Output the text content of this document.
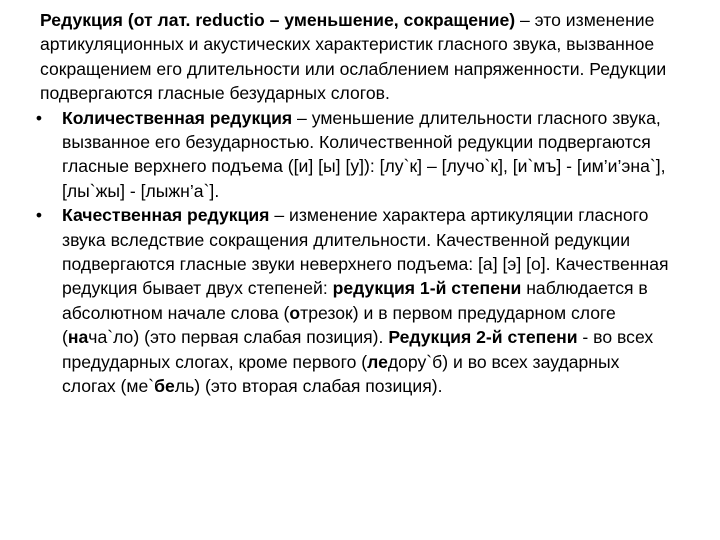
Редукция (от лат. reductio – уменьшение, сокращение) – это изменение артикуляционных и акустических характеристик гласного звука, вызванное сокращением его длительности или ослаблением напряженности. Редукции подвергаются гласные безударных слогов.

• Количественная редукция – уменьшение длительности гласного звука, вызванное его безударностью. Количественной редукции подвергаются гласные верхнего подъема ([и] [ы] [у]): [лу`к] – [лучо`к], [и`мъ] - [им’и’эна`], [лы`жы] - [лыжн’а`].

• Качественная редукция – изменение характера артикуляции гласного звука вследствие сокращения длительности. Качественной редукции подвергаются гласные звуки неверхнего подъема: [а] [э] [о]. Качественная редукция бывает двух степеней: редукция 1-й степени наблюдается в абсолютном начале слова (отрезок) и в первом предударном слоге (нача`ло) (это первая слабая позиция). Редукция 2-й степени - во всех предударных слогах, кроме первого (ледору`б) и во всех заударных слогах (ме`бель) (это вторая слабая позиция).
